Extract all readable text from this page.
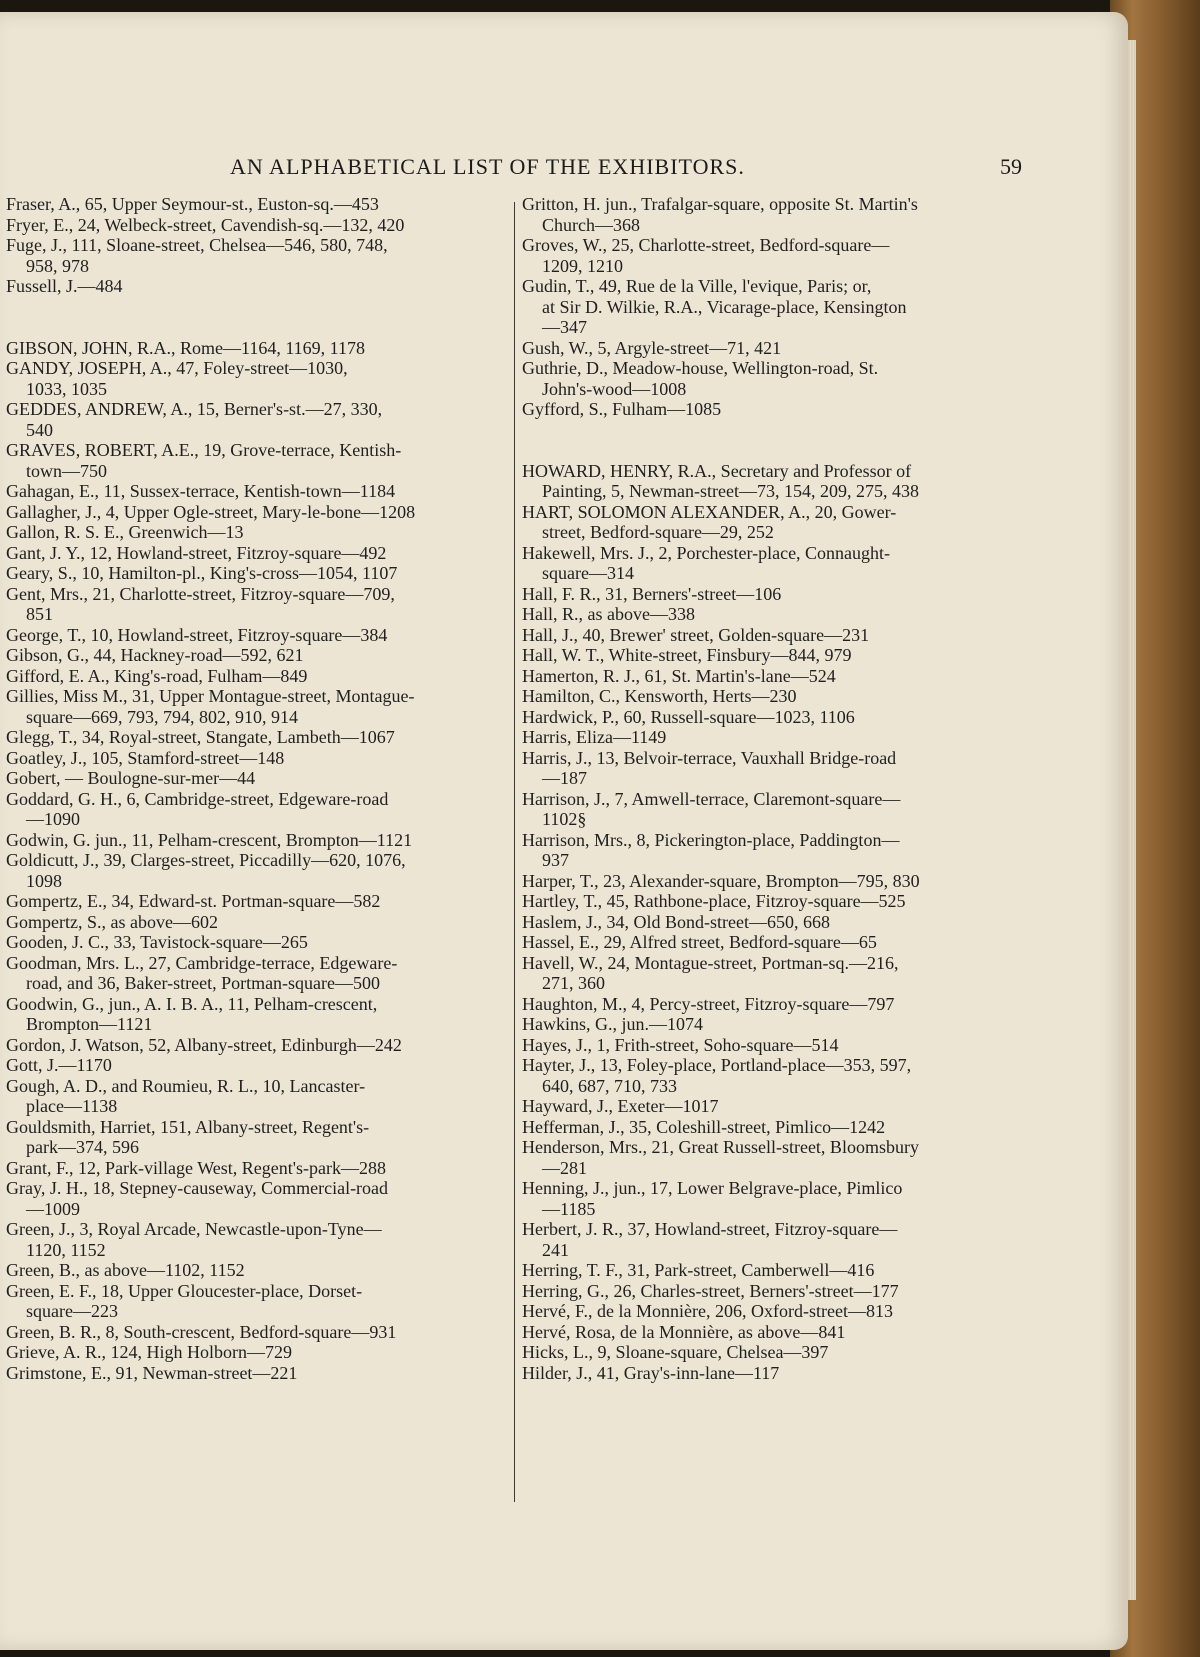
AN ALPHABETICAL LIST OF THE EXHIBITORS.	59
Fraser, A., 65, Upper Seymour-st., Euston-sq.—453
Fryer, E., 24, Welbeck-street, Cavendish-sq.—132, 420
Fuge, J., 111, Sloane-street, Chelsea—546, 580, 748,
958, 978
Fussell, J.—484
GIBSON, JOHN, R.A., Rome—1164, 1169, 1178
GANDY, JOSEPH, A., 47, Foley-street—1030,
1033, 1035
GEDDES, ANDREW, A., 15, Berner's-st.—27, 330,
540
GRAVES, ROBERT, A.E., 19, Grove-terrace, Kentish-
town—750
Gahagan, E., 11, Sussex-terrace, Kentish-town—1184
Gallagher, J., 4, Upper Ogle-street, Mary-le-bone—1208
Gallon, R. S. E., Greenwich—13
Gant, J. Y., 12, Howland-street, Fitzroy-square—492
Geary, S., 10, Hamilton-pl., King's-cross—1054, 1107
Gent, Mrs., 21, Charlotte-street, Fitzroy-square—709,
851
George, T., 10, Howland-street, Fitzroy-square—384
Gibson, G., 44, Hackney-road—592, 621
Gifford, E. A., King's-road, Fulham—849
Gillies, Miss M., 31, Upper Montague-street, Montague-
square—669, 793, 794, 802, 910, 914
Glegg, T., 34, Royal-street, Stangate, Lambeth—1067
Goatley, J., 105, Stamford-street—148
Gobert, — Boulogne-sur-mer—44
Goddard, G. H., 6, Cambridge-street, Edgeware-road
—1090
Godwin, G. jun., 11, Pelham-crescent, Brompton—1121
Goldicutt, J., 39, Clarges-street, Piccadilly—620, 1076,
1098
Gompertz, E., 34, Edward-st. Portman-square—582
Gompertz, S., as above—602
Gooden, J. C., 33, Tavistock-square—265
Goodman, Mrs. L., 27, Cambridge-terrace, Edgeware-
road, and 36, Baker-street, Portman-square—500
Goodwin, G., jun., A. I. B. A., 11, Pelham-crescent,
Brompton—1121
Gordon, J. Watson, 52, Albany-street, Edinburgh—242
Gott, J.—1170
Gough, A. D., and Roumieu, R. L., 10, Lancaster-
place—1138
Gouldsmith, Harriet, 151, Albany-street, Regent's-
park—374, 596
Grant, F., 12, Park-village West, Regent's-park—288
Gray, J. H., 18, Stepney-causeway, Commercial-road
—1009
Green, J., 3, Royal Arcade, Newcastle-upon-Tyne—
1120, 1152
Green, B., as above—1102, 1152
Green, E. F., 18, Upper Gloucester-place, Dorset-
square—223
Green, B. R., 8, South-crescent, Bedford-square—931
Grieve, A. R., 124, High Holborn—729
Grimstone, E., 91, Newman-street—221
Gritton, H. jun., Trafalgar-square, opposite St. Martin's
Church—368
Groves, W., 25, Charlotte-street, Bedford-square—
1209, 1210
Gudin, T., 49, Rue de la Ville, l'evique, Paris; or,
at Sir D. Wilkie, R.A., Vicarage-place, Kensington
—347
Gush, W., 5, Argyle-street—71, 421
Guthrie, D., Meadow-house, Wellington-road, St.
John's-wood—1008
Gyfford, S., Fulham—1085
HOWARD, HENRY, R.A., Secretary and Professor of
Painting, 5, Newman-street—73, 154, 209, 275, 438
HART, SOLOMON ALEXANDER, A., 20, Gower-
street, Bedford-square—29, 252
Hakewell, Mrs. J., 2, Porchester-place, Connaught-
square—314
Hall, F. R., 31, Berners'-street—106
Hall, R., as above—338
Hall, J., 40, Brewer' street, Golden-square—231
Hall, W. T., White-street, Finsbury—844, 979
Hamerton, R. J., 61, St. Martin's-lane—524
Hamilton, C., Kensworth, Herts—230
Hardwick, P., 60, Russell-square—1023, 1106
Harris, Eliza—1149
Harris, J., 13, Belvoir-terrace, Vauxhall Bridge-road
—187
Harrison, J., 7, Amwell-terrace, Claremont-square—
1102§
Harrison, Mrs., 8, Pickerington-place, Paddington—
937
Harper, T., 23, Alexander-square, Brompton—795, 830
Hartley, T., 45, Rathbone-place, Fitzroy-square—525
Haslem, J., 34, Old Bond-street—650, 668
Hassel, E., 29, Alfred street, Bedford-square—65
Havell, W., 24, Montague-street, Portman-sq.—216,
271, 360
Haughton, M., 4, Percy-street, Fitzroy-square—797
Hawkins, G., jun.—1074
Hayes, J., 1, Frith-street, Soho-square—514
Hayter, J., 13, Foley-place, Portland-place—353, 597,
640, 687, 710, 733
Hayward, J., Exeter—1017
Hefferman, J., 35, Coleshill-street, Pimlico—1242
Henderson, Mrs., 21, Great Russell-street, Bloomsbury
—281
Henning, J., jun., 17, Lower Belgrave-place, Pimlico
—1185
Herbert, J. R., 37, Howland-street, Fitzroy-square—
241
Herring, T. F., 31, Park-street, Camberwell—416
Herring, G., 26, Charles-street, Berners'-street—177
Hervé, F., de la Monnière, 206, Oxford-street—813
Hervé, Rosa, de la Monnière, as above—841
Hicks, L., 9, Sloane-square, Chelsea—397
Hilder, J., 41, Gray's-inn-lane—117
